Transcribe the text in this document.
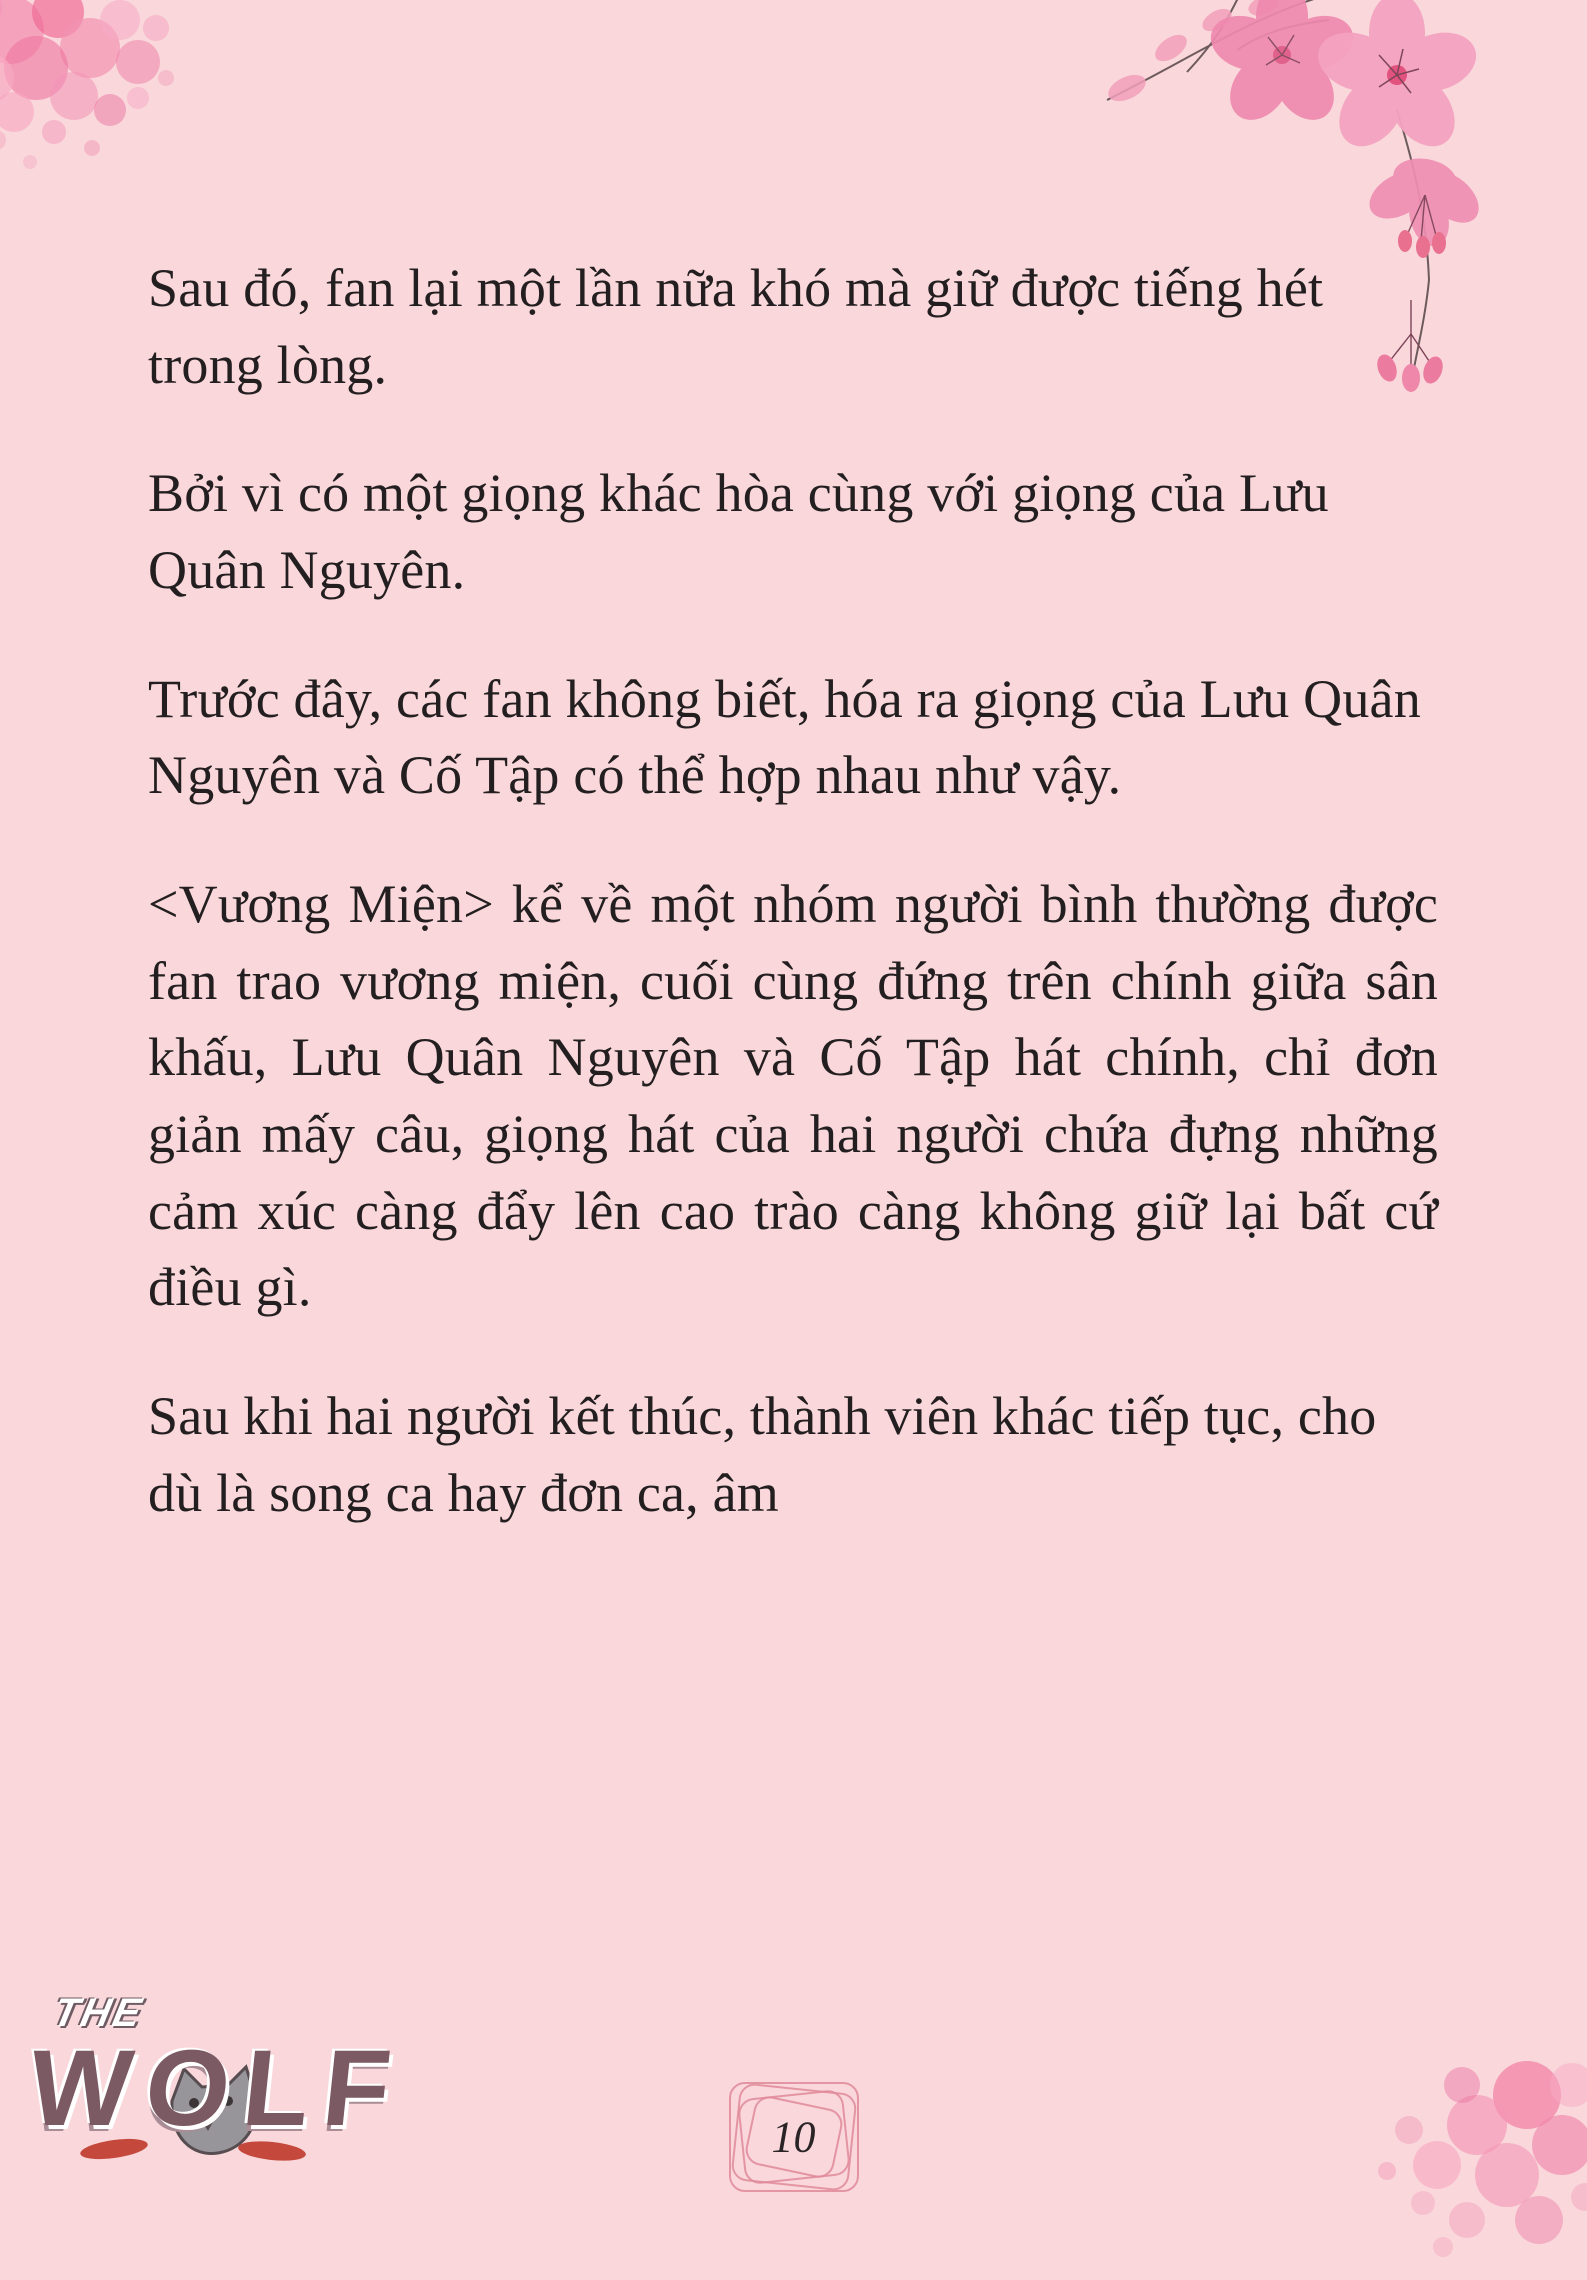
Sau đó, fan lại một lần nữa khó mà giữ được tiếng hét trong lòng.

Bởi vì có một giọng khác hòa cùng với giọng của Lưu Quân Nguyên.

Trước đây, các fan không biết, hóa ra giọng của Lưu Quân Nguyên và Cố Tập có thể hợp nhau như vậy.

<Vương Miện> kể về một nhóm người bình thường được fan trao vương miện, cuối cùng đứng trên chính giữa sân khấu, Lưu Quân Nguyên và Cố Tập hát chính, chỉ đơn giản mấy câu, giọng hát của hai người chứa đựng những cảm xúc càng đẩy lên cao trào càng không giữ lại bất cứ điều gì.

Sau khi hai người kết thúc, thành viên khác tiếp tục, cho dù là song ca hay đơn ca, âm

THE
WOLF	10
